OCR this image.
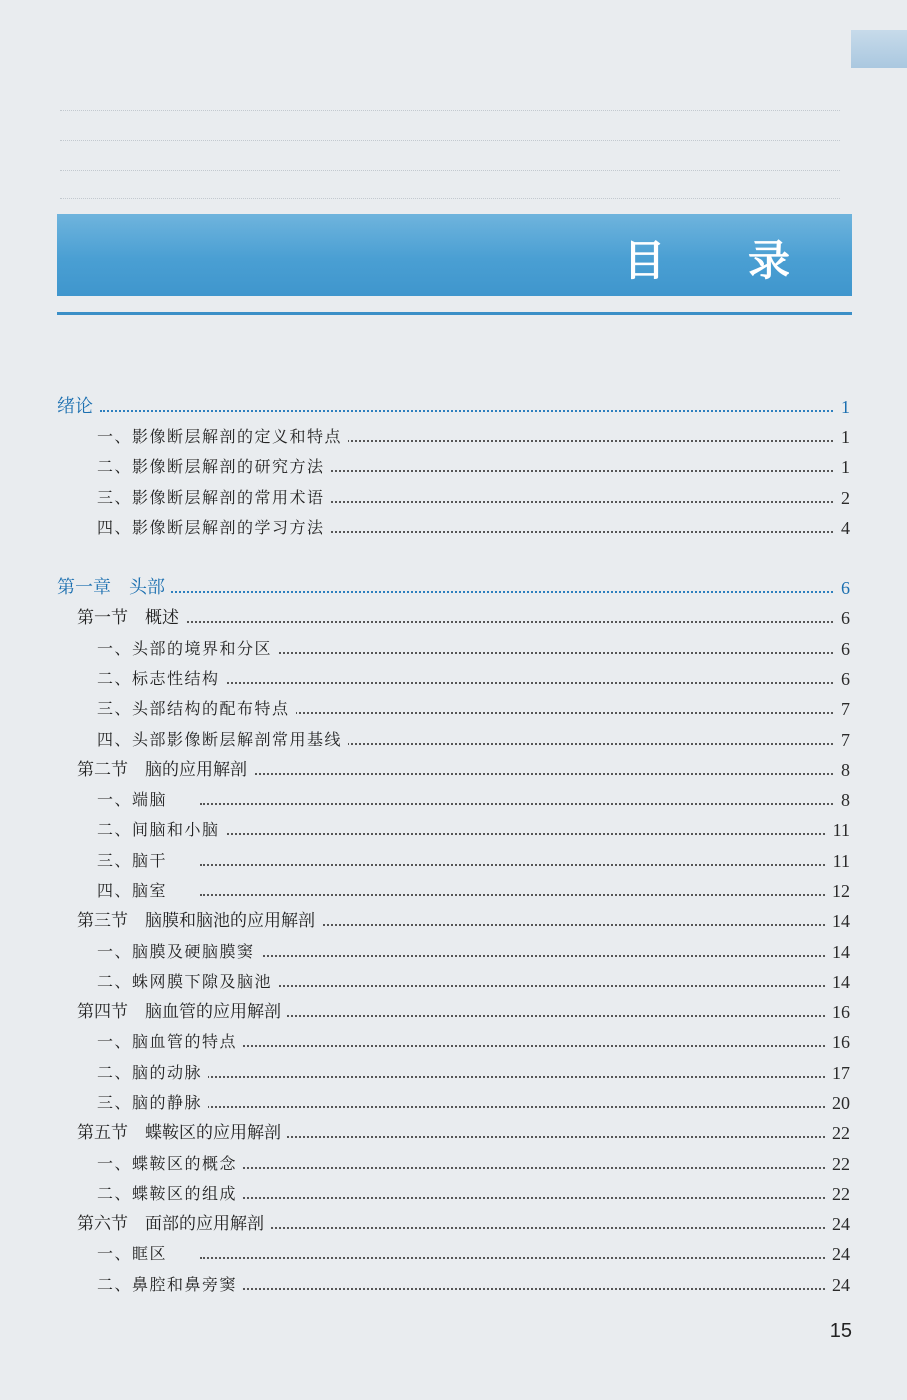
目 录
绪论	1
一、影像断层解剖的定义和特点	1
二、影像断层解剖的研究方法	1
三、影像断层解剖的常用术语	2
四、影像断层解剖的学习方法	4
第一章　头部	6
第一节　概述	6
一、头部的境界和分区	6
二、标志性结构	6
三、头部结构的配布特点	7
四、头部影像断层解剖常用基线	7
第二节　脑的应用解剖	8
一、端脑	8
二、间脑和小脑	11
三、脑干	11
四、脑室	12
第三节　脑膜和脑池的应用解剖	14
一、脑膜及硬脑膜窦	14
二、蛛网膜下隙及脑池	14
第四节　脑血管的应用解剖	16
一、脑血管的特点	16
二、脑的动脉	17
三、脑的静脉	20
第五节　蝶鞍区的应用解剖	22
一、蝶鞍区的概念	22
二、蝶鞍区的组成	22
第六节　面部的应用解剖	24
一、眶区	24
二、鼻腔和鼻旁窦	24
15
